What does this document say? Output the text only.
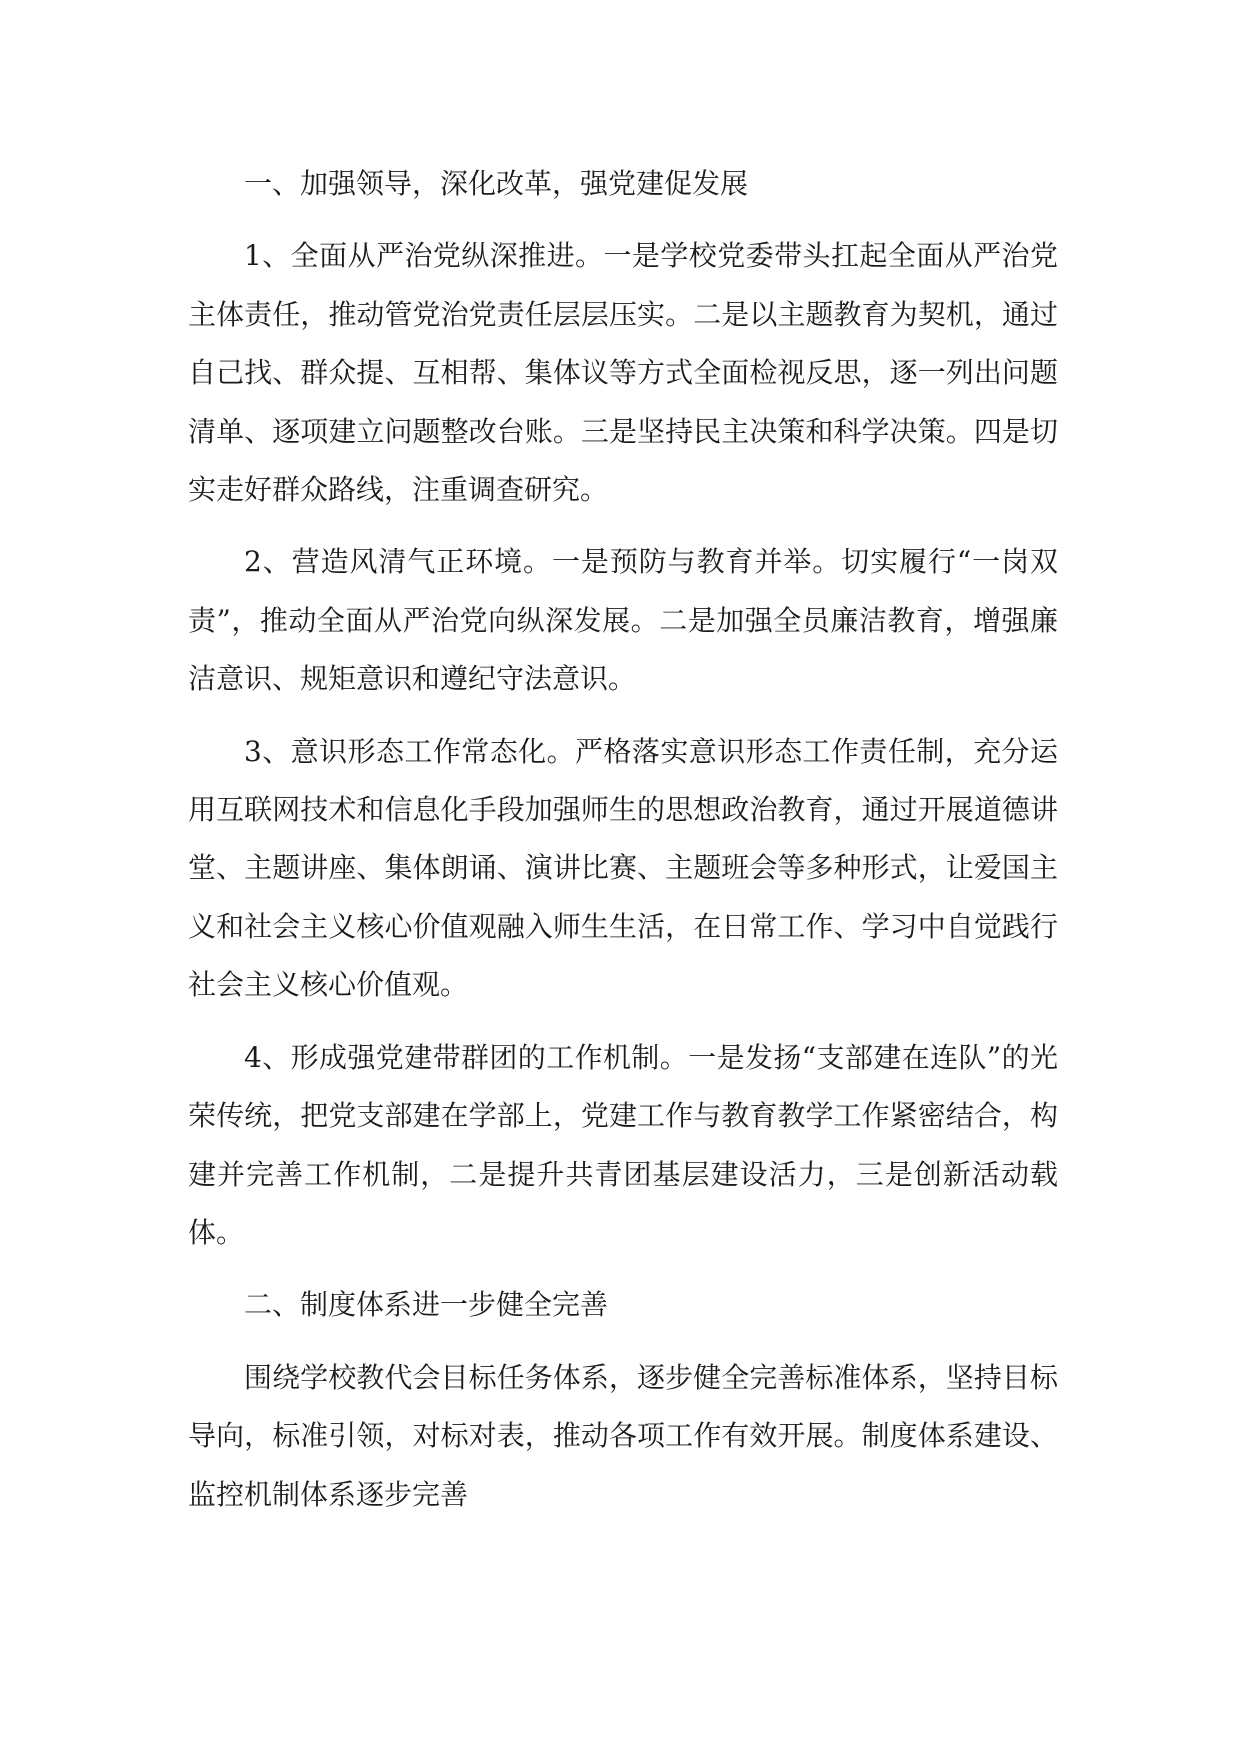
一、加强领导，深化改革，强党建促发展

1、全面从严治党纵深推进。一是学校党委带头扛起全面从严治党主体责任，推动管党治党责任层层压实。二是以主题教育为契机，通过自己找、群众提、互相帮、集体议等方式全面检视反思，逐一列出问题清单、逐项建立问题整改台账。三是坚持民主决策和科学决策。四是切实走好群众路线，注重调查研究。

2、营造风清气正环境。一是预防与教育并举。切实履行“一岗双责”，推动全面从严治党向纵深发展。二是加强全员廉洁教育，增强廉洁意识、规矩意识和遵纪守法意识。

3、意识形态工作常态化。严格落实意识形态工作责任制，充分运用互联网技术和信息化手段加强师生的思想政治教育，通过开展道德讲堂、主题讲座、集体朗诵、演讲比赛、主题班会等多种形式，让爱国主义和社会主义核心价值观融入师生生活，在日常工作、学习中自觉践行社会主义核心价值观。

4、形成强党建带群团的工作机制。一是发扬“支部建在连队”的光荣传统，把党支部建在学部上，党建工作与教育教学工作紧密结合，构建并完善工作机制，二是提升共青团基层建设活力，三是创新活动载体。

二、制度体系进一步健全完善

围绕学校教代会目标任务体系，逐步健全完善标准体系，坚持目标导向，标准引领，对标对表，推动各项工作有效开展。制度体系建设、监控机制体系逐步完善
